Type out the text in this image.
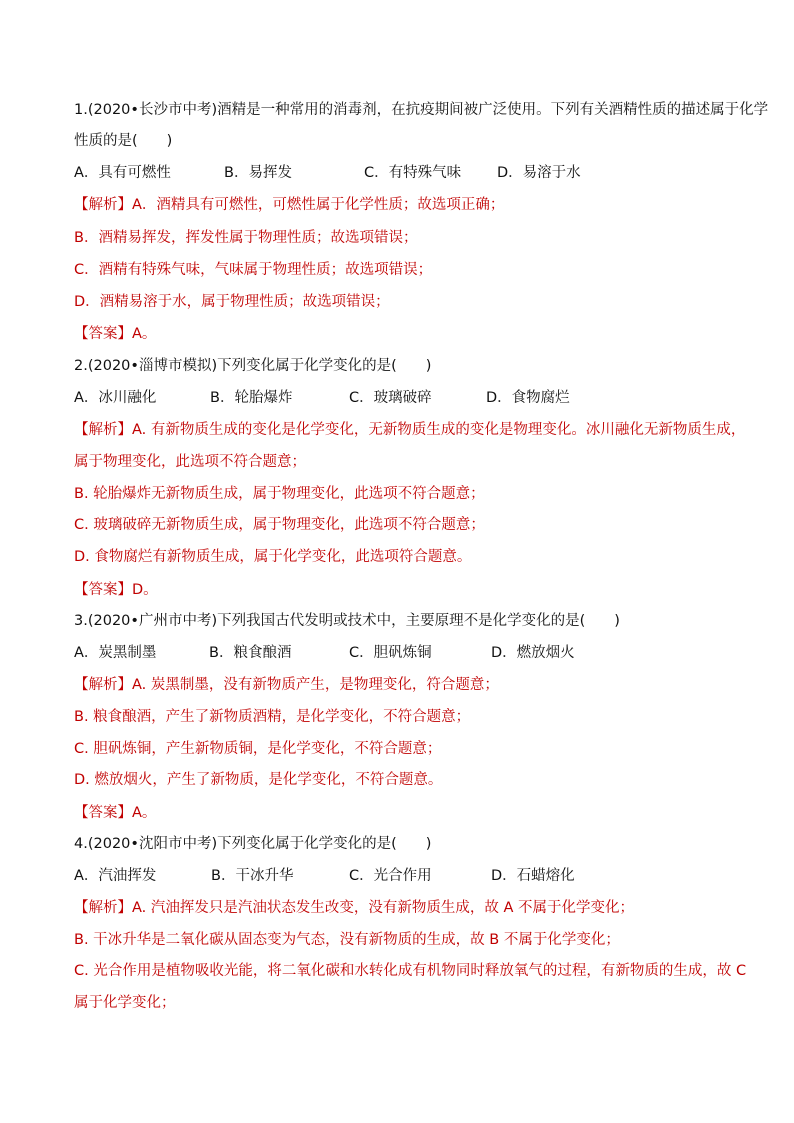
1.(2020•长沙市中考)酒精是一种常用的消毒剂，在抗疫期间被广泛使用。下列有关酒精性质的描述属于化学
性质的是(　　)
A．具有可燃性	B．易挥发	C．有特殊气味 D．易溶于水
【解析】A．酒精具有可燃性，可燃性属于化学性质；故选项正确；
B．酒精易挥发，挥发性属于物理性质；故选项错误；
C．酒精有特殊气味，气味属于物理性质；故选项错误；
D．酒精易溶于水，属于物理性质；故选项错误；
【答案】A。
2.(2020•淄博市模拟)下列变化属于化学变化的是(　　)
A．冰川融化	B．轮胎爆炸	C．玻璃破碎	D．食物腐烂
【解析】A. 有新物质生成的变化是化学变化，无新物质生成的变化是物理变化。冰川融化无新物质生成，
属于物理变化，此选项不符合题意；
B. 轮胎爆炸无新物质生成，属于物理变化，此选项不符合题意；
C. 玻璃破碎无新物质生成，属于物理变化，此选项不符合题意；
D. 食物腐烂有新物质生成，属于化学变化，此选项符合题意。
【答案】D。
3.(2020•广州市中考)下列我国古代发明或技术中，主要原理不是化学变化的是(　　)
A．炭黑制墨	B．粮食酿酒	C．胆矾炼铜	D．燃放烟火
【解析】A. 炭黑制墨，没有新物质产生，是物理变化，符合题意；
B. 粮食酿酒，产生了新物质酒精，是化学变化，不符合题意；
C. 胆矾炼铜，产生新物质铜，是化学变化，不符合题意；
D. 燃放烟火，产生了新物质，是化学变化，不符合题意。
【答案】A。
4.(2020•沈阳市中考)下列变化属于化学变化的是(　　)
A．汽油挥发	B．干冰升华	C．光合作用	D．石蜡熔化
【解析】A. 汽油挥发只是汽油状态发生改变，没有新物质生成，故 A 不属于化学变化；
B. 干冰升华是二氧化碳从固态变为气态，没有新物质的生成，故 B 不属于化学变化；
C. 光合作用是植物吸收光能，将二氧化碳和水转化成有机物同时释放氧气的过程，有新物质的生成，故 C
属于化学变化；
